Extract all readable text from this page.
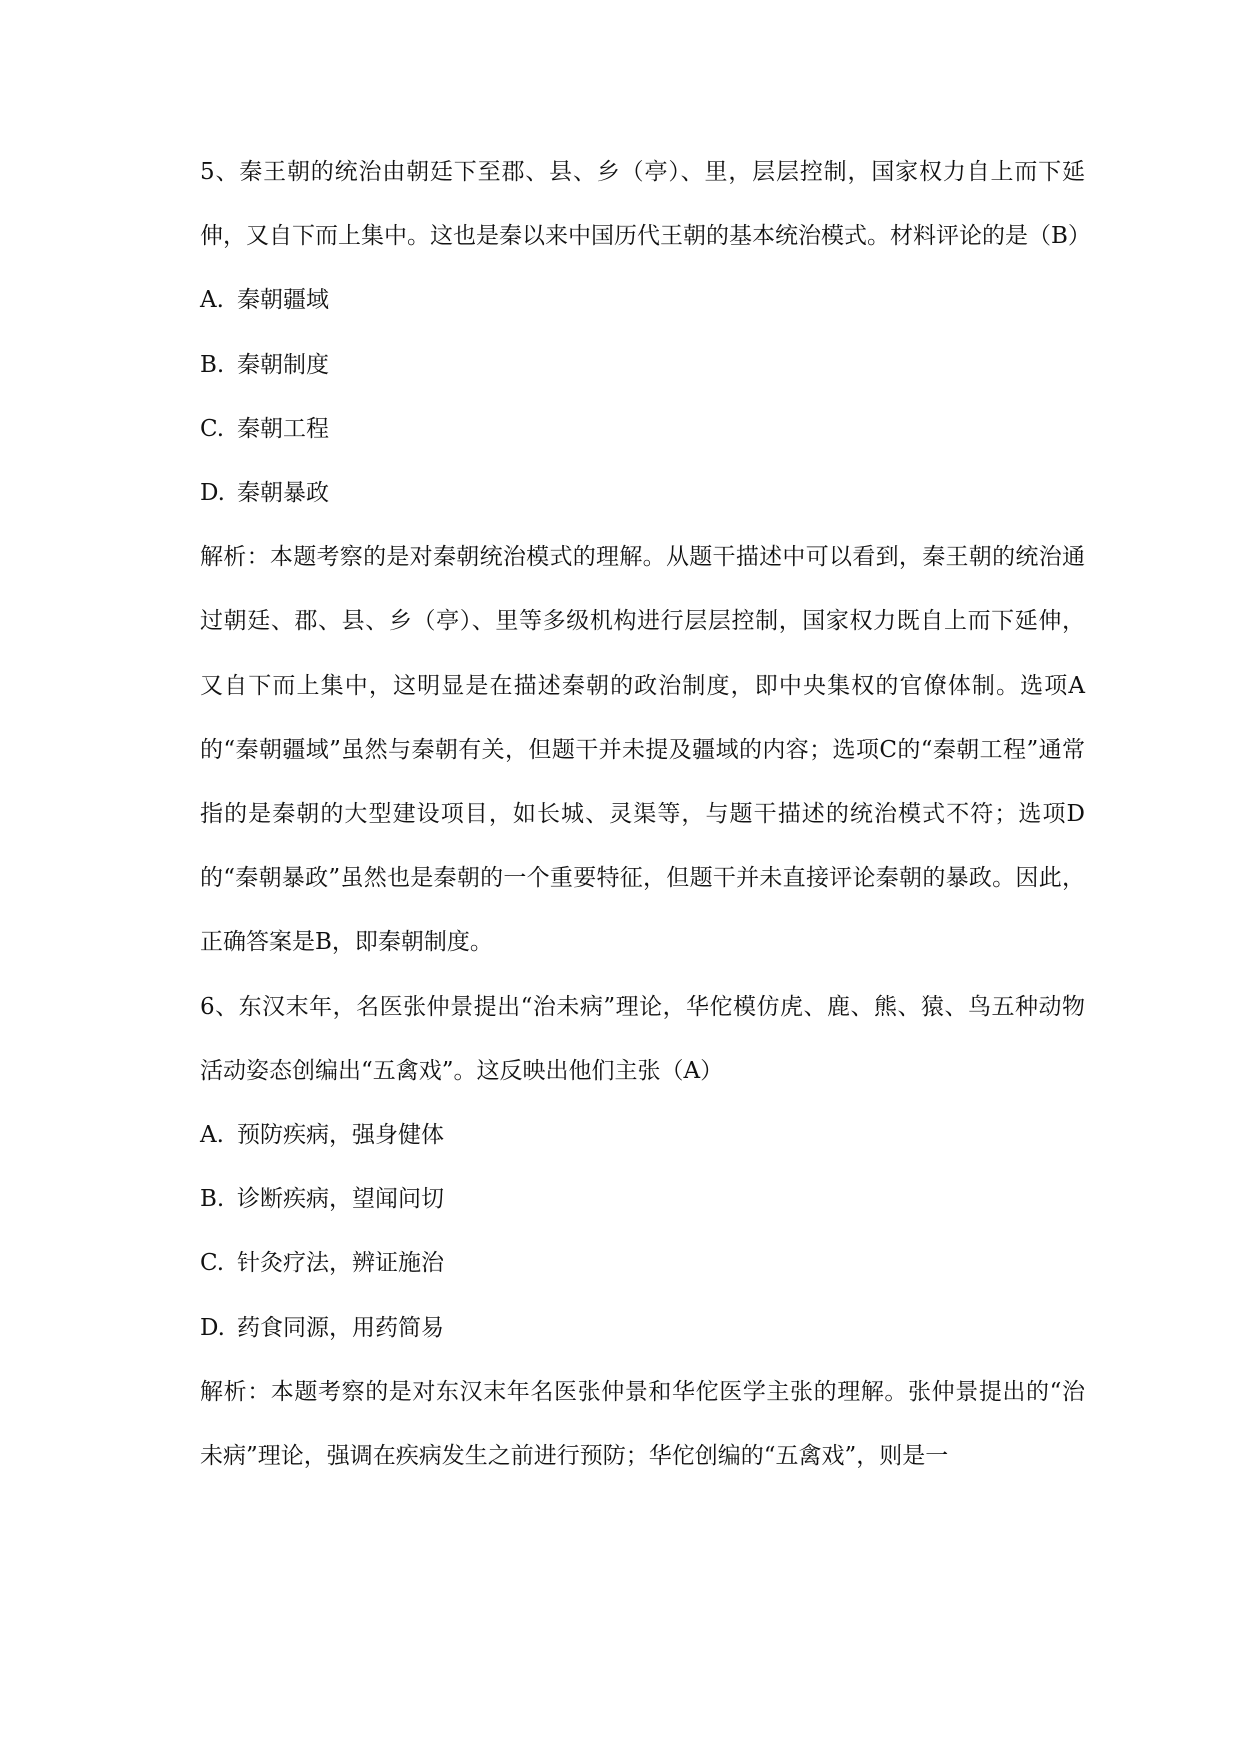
5、秦王朝的统治由朝廷下至郡、县、乡（亭）、里，层层控制，国家权力自上而下延伸，又自下而上集中。这也是秦以来中国历代王朝的基本统治模式。材料评论的是（B）

A. 秦朝疆域

B. 秦朝制度

C. 秦朝工程

D. 秦朝暴政

解析：本题考察的是对秦朝统治模式的理解。从题干描述中可以看到，秦王朝的统治通过朝廷、郡、县、乡（亭）、里等多级机构进行层层控制，国家权力既自上而下延伸，又自下而上集中，这明显是在描述秦朝的政治制度，即中央集权的官僚体制。选项A的“秦朝疆域”虽然与秦朝有关，但题干并未提及疆域的内容；选项C的“秦朝工程”通常指的是秦朝的大型建设项目，如长城、灵渠等，与题干描述的统治模式不符；选项D的“秦朝暴政”虽然也是秦朝的一个重要特征，但题干并未直接评论秦朝的暴政。因此，正确答案是B，即秦朝制度。

6、东汉末年，名医张仲景提出“治未病”理论，华佗模仿虎、鹿、熊、猿、鸟五种动物活动姿态创编出“五禽戏”。这反映出他们主张（A）

A. 预防疾病，强身健体

B. 诊断疾病，望闻问切

C. 针灸疗法，辨证施治

D. 药食同源，用药简易

解析：本题考察的是对东汉末年名医张仲景和华佗医学主张的理解。张仲景提出的“治未病”理论，强调在疾病发生之前进行预防；华佗创编的“五禽戏”，则是一
